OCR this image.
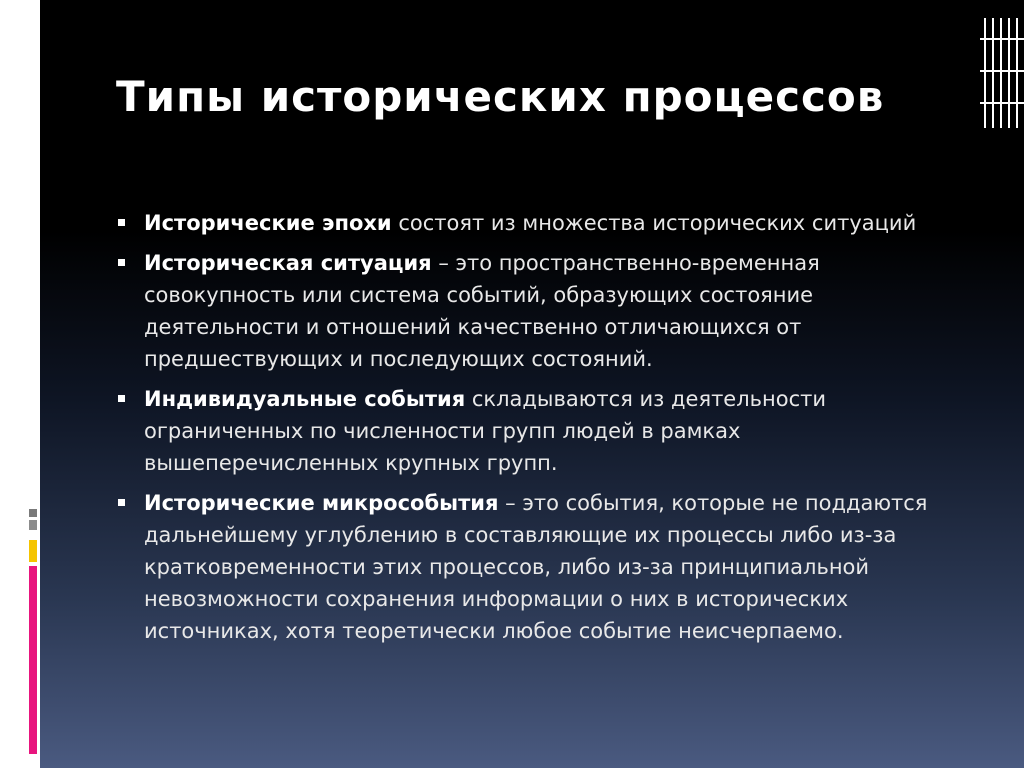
Типы исторических процессов
Исторические эпохи состоят из множества исторических ситуаций
Историческая ситуация – это пространственно-временная совокупность или система событий, образующих состояние деятельности и отношений качественно отличающихся от предшествующих и последующих состояний.
Индивидуальные события складываются из деятельности ограниченных по численности групп людей в рамках вышеперечисленных крупных групп.
Исторические микрособытия – это события, которые не поддаются дальнейшему углублению в составляющие их процессы либо из-за кратковременности этих процессов, либо из-за принципиальной невозможности сохранения информации о них в исторических источниках, хотя теоретически любое событие неисчерпаемо.
